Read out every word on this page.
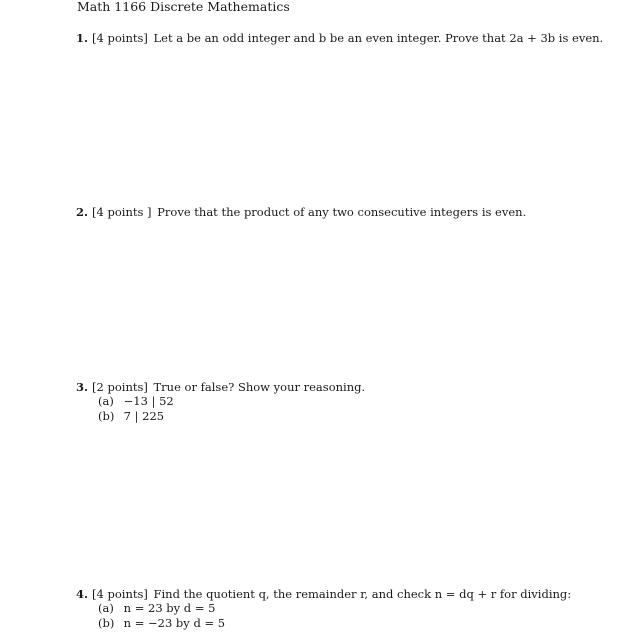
Math 1166 Discrete Mathematics
1. [4 points] Let a be an odd integer and b be an even integer. Prove that 2a + 3b is even.
2. [4 points ] Prove that the product of any two consecutive integers is even.
3. [2 points] True or false? Show your reasoning.
(a) −13 | 52
(b) 7 | 225
4. [4 points] Find the quotient q, the remainder r, and check n = dq + r for dividing:
(a) n = 23 by d = 5
(b) n = −23 by d = 5
